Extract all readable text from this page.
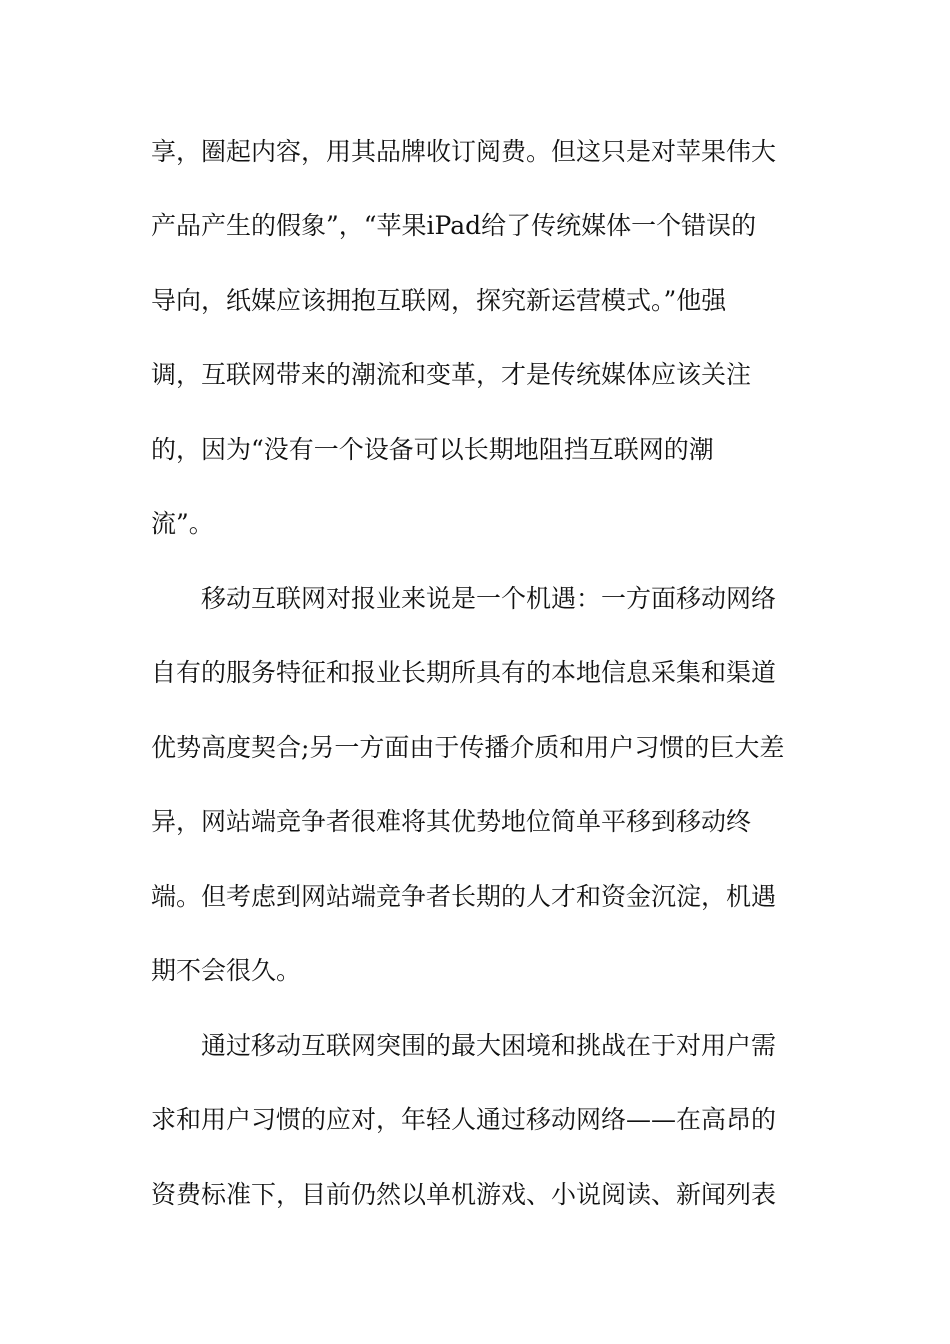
享，圈起内容，用其品牌收订阅费。但这只是对苹果伟大
产品产生的假象”，“苹果iPad给了传统媒体一个错误的
导向，纸媒应该拥抱互联网，探究新运营模式。”他强
调，互联网带来的潮流和变革，才是传统媒体应该关注
的，因为“没有一个设备可以长期地阻挡互联网的潮
流”。
移动互联网对报业来说是一个机遇：一方面移动网络
自有的服务特征和报业长期所具有的本地信息采集和渠道
优势高度契合;另一方面由于传播介质和用户习惯的巨大差
异，网站端竞争者很难将其优势地位简单平移到移动终
端。但考虑到网站端竞争者长期的人才和资金沉淀，机遇
期不会很久。
通过移动互联网突围的最大困境和挑战在于对用户需
求和用户习惯的应对，年轻人通过移动网络——在高昂的
资费标准下，目前仍然以单机游戏、小说阅读、新闻列表
